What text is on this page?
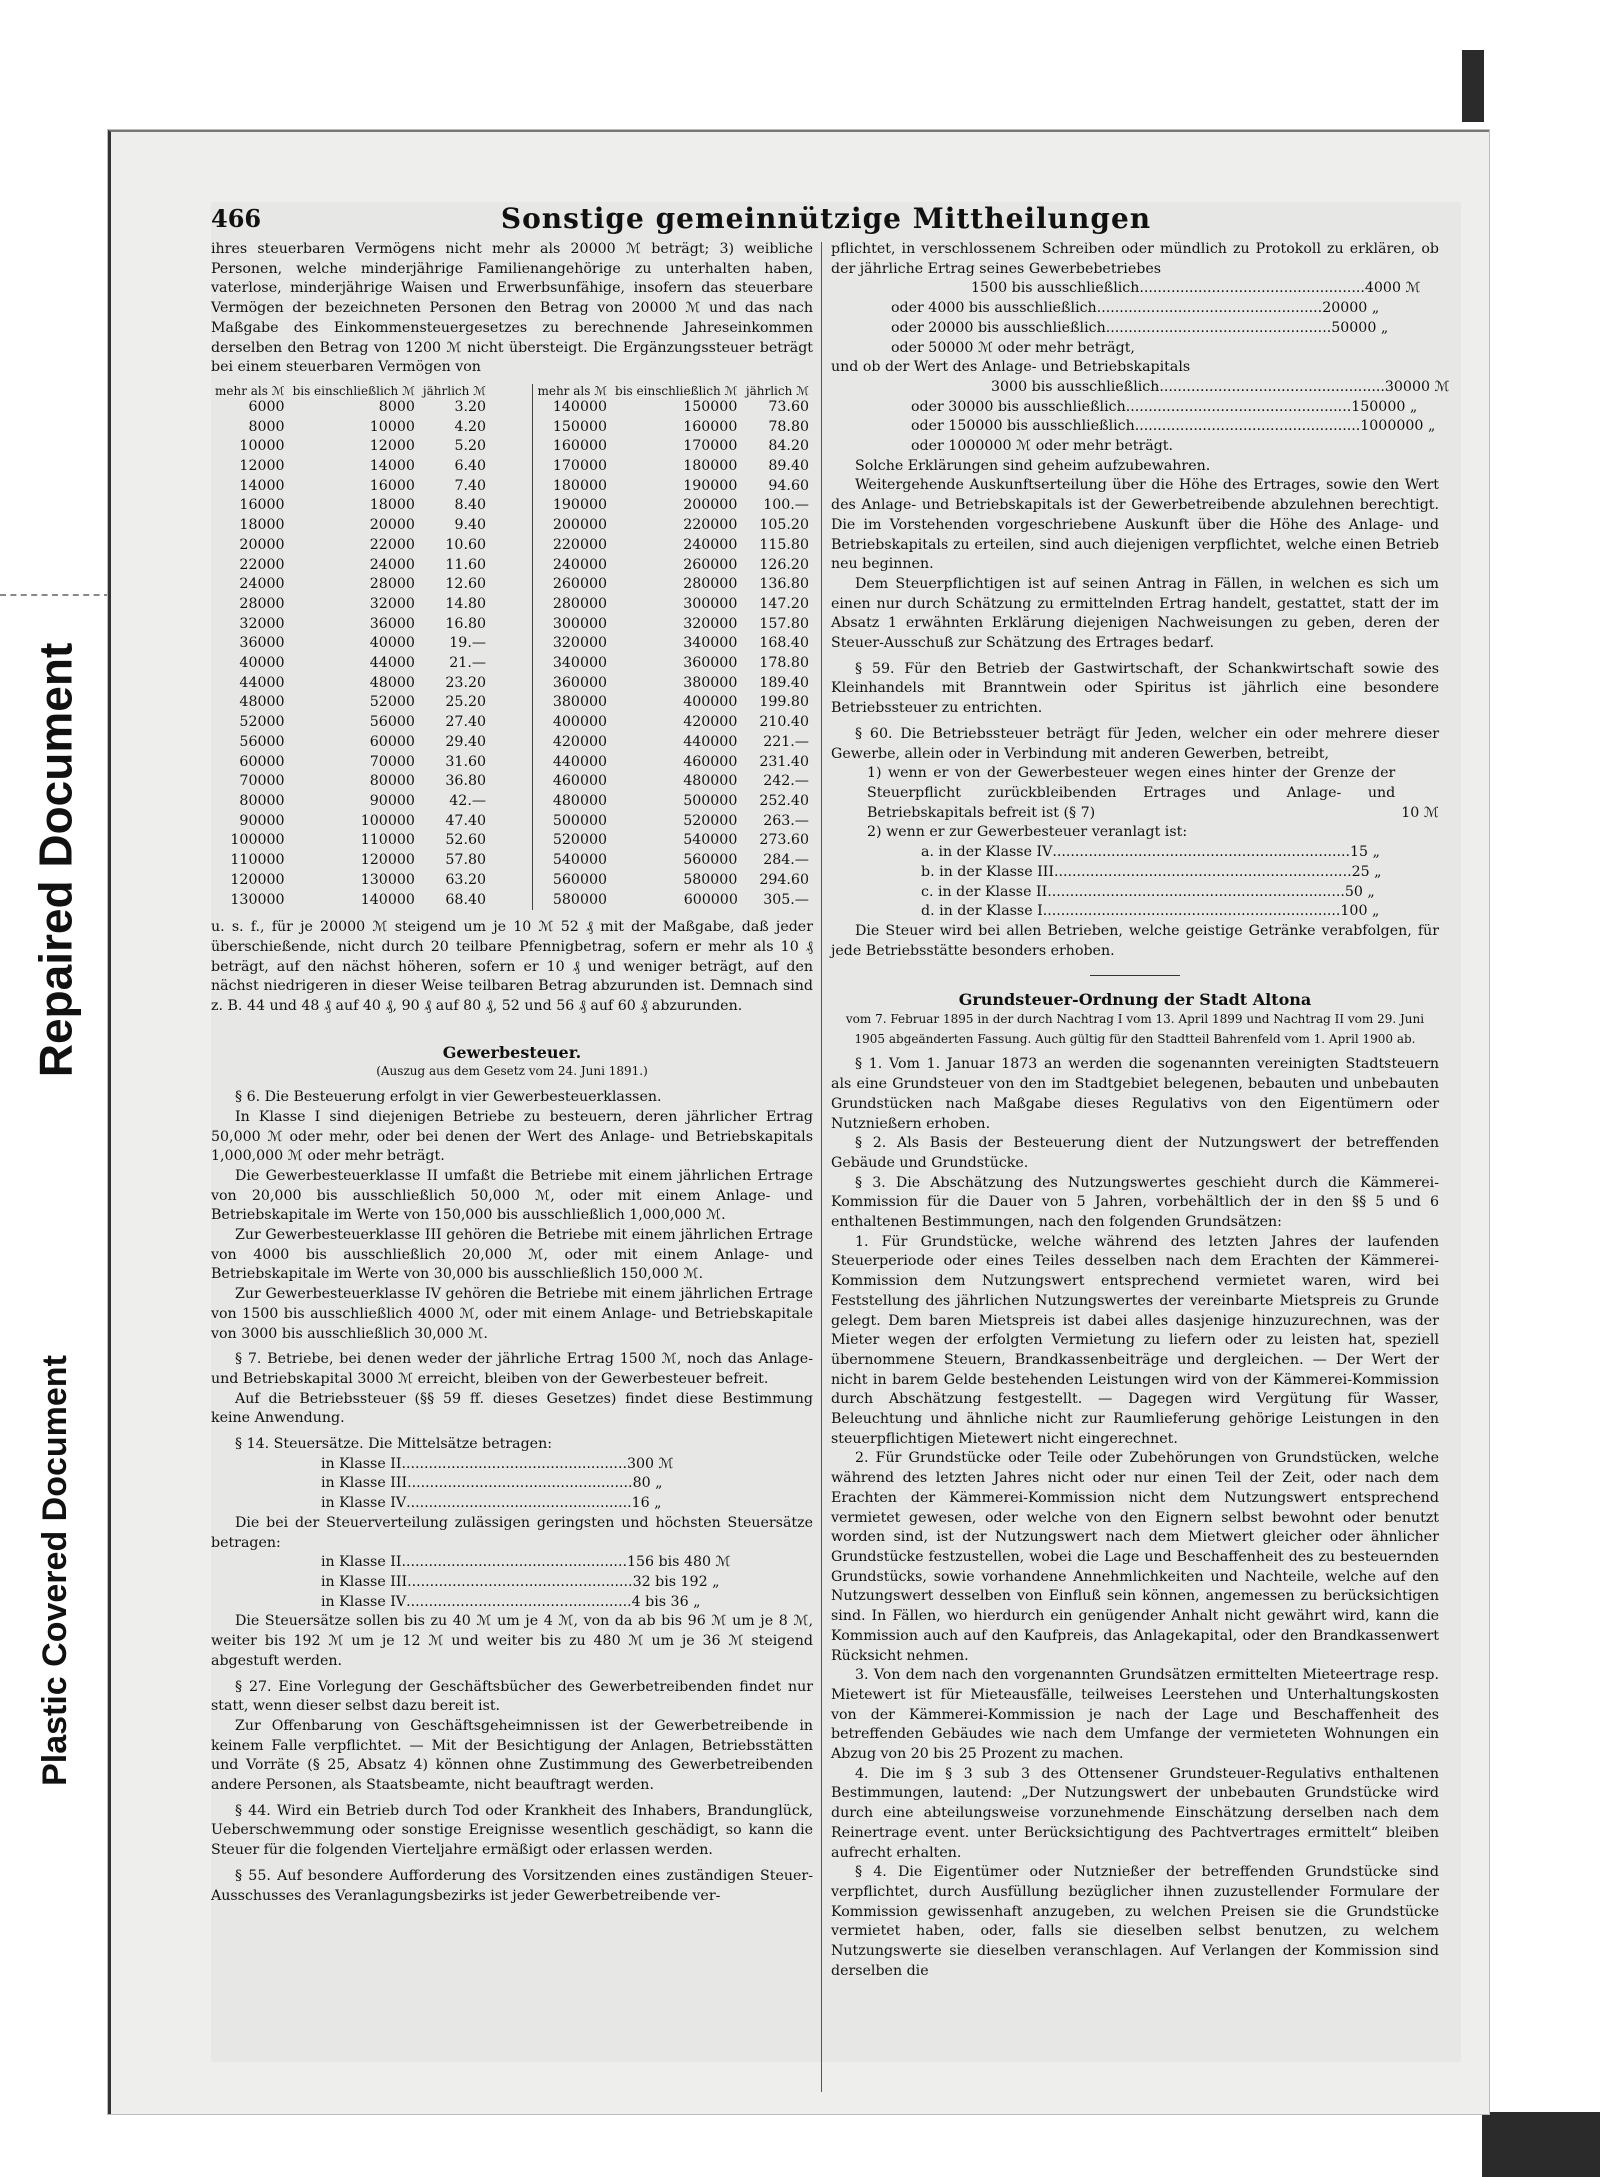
Repaired Document
Plastic Covered Document
466	Sonstige gemeinnützige Mittheilungen

ihres steuerbaren Vermögens nicht mehr als 20000 ℳ beträgt; 3) weibliche Personen, welche minderjährige Familienangehörige zu unterhalten haben, vaterlose, minderjährige Waisen und Erwerbsunfähige, insofern das steuerbare Vermögen der bezeichneten Personen den Betrag von 20000 ℳ und das nach Maßgabe des Einkommensteuergesetzes zu berechnende Jahreseinkommen derselben den Betrag von 1200 ℳ nicht übersteigt. Die Ergänzungssteuer beträgt bei einem steuerbaren Vermögen von

mehr als ℳ	bis einschließlich ℳ	jährlich ℳ
6000	8000	3.20
8000	10000	4.20
10000	12000	5.20
12000	14000	6.40
14000	16000	7.40
16000	18000	8.40
18000	20000	9.40
20000	22000	10.60
22000	24000	11.60
24000	28000	12.60
28000	32000	14.80
32000	36000	16.80
36000	40000	19.—
40000	44000	21.—
44000	48000	23.20
48000	52000	25.20
52000	56000	27.40
56000	60000	29.40
60000	70000	31.60
70000	80000	36.80
80000	90000	42.—
90000	100000	47.40
100000	110000	52.60
110000	120000	57.80
120000	130000	63.20
130000	140000	68.40
mehr als ℳ	bis einschließlich ℳ	jährlich ℳ
140000	150000	73.60
150000	160000	78.80
160000	170000	84.20
170000	180000	89.40
180000	190000	94.60
190000	200000	100.—
200000	220000	105.20
220000	240000	115.80
240000	260000	126.20
260000	280000	136.80
280000	300000	147.20
300000	320000	157.80
320000	340000	168.40
340000	360000	178.80
360000	380000	189.40
380000	400000	199.80
400000	420000	210.40
420000	440000	221.—
440000	460000	231.40
460000	480000	242.—
480000	500000	252.40
500000	520000	263.—
520000	540000	273.60
540000	560000	284.—
560000	580000	294.60
580000	600000	305.—

u. s. f., für je 20000 ℳ steigend um je 10 ℳ 52 ₰ mit der Maßgabe, daß jeder überschießende, nicht durch 20 teilbare Pfennigbetrag, sofern er mehr als 10 ₰ beträgt, auf den nächst höheren, sofern er 10 ₰ und weniger beträgt, auf den nächst niedrigeren in dieser Weise teilbaren Betrag abzurunden ist. Demnach sind z. B. 44 und 48 ₰ auf 40 ₰, 90 ₰ auf 80 ₰, 52 und 56 ₰ auf 60 ₰ abzurunden.

Gewerbesteuer.
(Auszug aus dem Gesetz vom 24. Juni 1891.)

§ 6. Die Besteuerung erfolgt in vier Gewerbesteuerklassen.

In Klasse I sind diejenigen Betriebe zu besteuern, deren jährlicher Ertrag 50,000 ℳ oder mehr, oder bei denen der Wert des Anlage- und Betriebskapitals 1,000,000 ℳ oder mehr beträgt.

Die Gewerbesteuerklasse II umfaßt die Betriebe mit einem jährlichen Ertrage von 20,000 bis ausschließlich 50,000 ℳ, oder mit einem Anlage- und Betriebskapitale im Werte von 150,000 bis ausschließlich 1,000,000 ℳ.

Zur Gewerbesteuerklasse III gehören die Betriebe mit einem jährlichen Ertrage von 4000 bis ausschließlich 20,000 ℳ, oder mit einem Anlage- und Betriebskapitale im Werte von 30,000 bis ausschließlich 150,000 ℳ.

Zur Gewerbesteuerklasse IV gehören die Betriebe mit einem jährlichen Ertrage von 1500 bis ausschließlich 4000 ℳ, oder mit einem Anlage- und Betriebskapitale von 3000 bis ausschließlich 30,000 ℳ.

§ 7. Betriebe, bei denen weder der jährliche Ertrag 1500 ℳ, noch das Anlage- und Betriebskapital 3000 ℳ erreicht, bleiben von der Gewerbesteuer befreit.

Auf die Betriebssteuer (§§ 59 ff. dieses Gesetzes) findet diese Bestimmung keine Anwendung.

§ 14. Steuersätze. Die Mittelsätze betragen:

in Klasse II .................................................. 300 ℳ
in Klasse III .................................................. 80 „
in Klasse IV .................................................. 16 „

Die bei der Steuerverteilung zulässigen geringsten und höchsten Steuersätze betragen:

in Klasse II .................................................. 156 bis 480 ℳ
in Klasse III .................................................. 32 bis 192 „
in Klasse IV .................................................. 4 bis 36 „

Die Steuersätze sollen bis zu 40 ℳ um je 4 ℳ, von da ab bis 96 ℳ um je 8 ℳ, weiter bis 192 ℳ um je 12 ℳ und weiter bis zu 480 ℳ um je 36 ℳ steigend abgestuft werden.

§ 27. Eine Vorlegung der Geschäftsbücher des Gewerbetreibenden findet nur statt, wenn dieser selbst dazu bereit ist.

Zur Offenbarung von Geschäftsgeheimnissen ist der Gewerbetreibende in keinem Falle verpflichtet. — Mit der Besichtigung der Anlagen, Betriebsstätten und Vorräte (§ 25, Absatz 4) können ohne Zustimmung des Gewerbetreibenden andere Personen, als Staatsbeamte, nicht beauftragt werden.

§ 44. Wird ein Betrieb durch Tod oder Krankheit des Inhabers, Brandunglück, Ueberschwemmung oder sonstige Ereignisse wesentlich geschädigt, so kann die Steuer für die folgenden Vierteljahre ermäßigt oder erlassen werden.

§ 55. Auf besondere Aufforderung des Vorsitzenden eines zuständigen Steuer-Ausschusses des Veranlagungsbezirks ist jeder Gewerbetreibende ver-

pflichtet, in verschlossenem Schreiben oder mündlich zu Protokoll zu erklären, ob der jährliche Ertrag seines Gewerbebetriebes

1500 bis ausschließlich .................................................. 4000 ℳ
oder 4000 bis ausschließlich .................................................. 20000 „
oder 20000 bis ausschließlich .................................................. 50000 „
oder 50000 ℳ oder mehr beträgt,

und ob der Wert des Anlage- und Betriebskapitals

3000 bis ausschließlich .................................................. 30000 ℳ
oder 30000 bis ausschließlich .................................................. 150000 „
oder 150000 bis ausschließlich .................................................. 1000000 „
oder 1000000 ℳ oder mehr beträgt.

Solche Erklärungen sind geheim aufzubewahren.

Weitergehende Auskunftserteilung über die Höhe des Ertrages, sowie den Wert des Anlage- und Betriebskapitals ist der Gewerbetreibende abzulehnen berechtigt. Die im Vorstehenden vorgeschriebene Auskunft über die Höhe des Anlage- und Betriebskapitals zu erteilen, sind auch diejenigen verpflichtet, welche einen Betrieb neu beginnen.

Dem Steuerpflichtigen ist auf seinen Antrag in Fällen, in welchen es sich um einen nur durch Schätzung zu ermittelnden Ertrag handelt, gestattet, statt der im Absatz 1 erwähnten Erklärung diejenigen Nachweisungen zu geben, deren der Steuer-Ausschuß zur Schätzung des Ertrages bedarf.

§ 59. Für den Betrieb der Gastwirtschaft, der Schankwirtschaft sowie des Kleinhandels mit Branntwein oder Spiritus ist jährlich eine besondere Betriebssteuer zu entrichten.

§ 60. Die Betriebssteuer beträgt für Jeden, welcher ein oder mehrere dieser Gewerbe, allein oder in Verbindung mit anderen Gewerben, betreibt,

1) wenn er von der Gewerbesteuer wegen eines hinter der Grenze der Steuerpflicht zurückbleibenden Ertrages und Anlage- und Betriebskapitals befreit ist (§ 7)	10 ℳ

2) wenn er zur Gewerbesteuer veranlagt ist:

a. in der Klasse IV .................................................................. 15 „
b. in der Klasse III .................................................................. 25 „
c. in der Klasse II .................................................................. 50 „
d. in der Klasse I .................................................................. 100 „

Die Steuer wird bei allen Betrieben, welche geistige Getränke verabfolgen, für jede Betriebsstätte besonders erhoben.

Grundsteuer-Ordnung der Stadt Altona
vom 7. Februar 1895 in der durch Nachtrag I vom 13. April 1899 und Nachtrag II vom 29. Juni 1905 abgeänderten Fassung. Auch gültig für den Stadtteil Bahrenfeld vom 1. April 1900 ab.

§ 1. Vom 1. Januar 1873 an werden die sogenannten vereinigten Stadtsteuern als eine Grundsteuer von den im Stadtgebiet belegenen, bebauten und unbebauten Grundstücken nach Maßgabe dieses Regulativs von den Eigentümern oder Nutznießern erhoben.

§ 2. Als Basis der Besteuerung dient der Nutzungswert der betreffenden Gebäude und Grundstücke.

§ 3. Die Abschätzung des Nutzungswertes geschieht durch die Kämmerei-Kommission für die Dauer von 5 Jahren, vorbehältlich der in den §§ 5 und 6 enthaltenen Bestimmungen, nach den folgenden Grundsätzen:

1. Für Grundstücke, welche während des letzten Jahres der laufenden Steuerperiode oder eines Teiles desselben nach dem Erachten der Kämmerei-Kommission dem Nutzungswert entsprechend vermietet waren, wird bei Feststellung des jährlichen Nutzungswertes der vereinbarte Mietspreis zu Grunde gelegt. Dem baren Mietspreis ist dabei alles dasjenige hinzuzurechnen, was der Mieter wegen der erfolgten Vermietung zu liefern oder zu leisten hat, speziell übernommene Steuern, Brandkassenbeiträge und dergleichen. — Der Wert der nicht in barem Gelde bestehenden Leistungen wird von der Kämmerei-Kommission durch Abschätzung festgestellt. — Dagegen wird Vergütung für Wasser, Beleuchtung und ähnliche nicht zur Raumlieferung gehörige Leistungen in den steuerpflichtigen Mietewert nicht eingerechnet.

2. Für Grundstücke oder Teile oder Zubehörungen von Grundstücken, welche während des letzten Jahres nicht oder nur einen Teil der Zeit, oder nach dem Erachten der Kämmerei-Kommission nicht dem Nutzungswert entsprechend vermietet gewesen, oder welche von den Eignern selbst bewohnt oder benutzt worden sind, ist der Nutzungswert nach dem Mietwert gleicher oder ähnlicher Grundstücke festzustellen, wobei die Lage und Beschaffenheit des zu besteuernden Grundstücks, sowie vorhandene Annehmlichkeiten und Nachteile, welche auf den Nutzungswert desselben von Einfluß sein können, angemessen zu berücksichtigen sind. In Fällen, wo hierdurch ein genügender Anhalt nicht gewährt wird, kann die Kommission auch auf den Kaufpreis, das Anlagekapital, oder den Brandkassenwert Rücksicht nehmen.

3. Von dem nach den vorgenannten Grundsätzen ermittelten Mieteertrage resp. Mietewert ist für Mieteausfälle, teilweises Leerstehen und Unterhaltungskosten von der Kämmerei-Kommission je nach der Lage und Beschaffenheit des betreffenden Gebäudes wie nach dem Umfange der vermieteten Wohnungen ein Abzug von 20 bis 25 Prozent zu machen.

4. Die im § 3 sub 3 des Ottensener Grundsteuer-Regulativs enthaltenen Bestimmungen, lautend: „Der Nutzungswert der unbebauten Grundstücke wird durch eine abteilungsweise vorzunehmende Einschätzung derselben nach dem Reinertrage event. unter Berücksichtigung des Pachtvertrages ermittelt“ bleiben aufrecht erhalten.

§ 4. Die Eigentümer oder Nutznießer der betreffenden Grundstücke sind verpflichtet, durch Ausfüllung bezüglicher ihnen zuzustellender Formulare der Kommission gewissenhaft anzugeben, zu welchen Preisen sie die Grundstücke vermietet haben, oder, falls sie dieselben selbst benutzen, zu welchem Nutzungswerte sie dieselben veranschlagen. Auf Verlangen der Kommission sind derselben die
